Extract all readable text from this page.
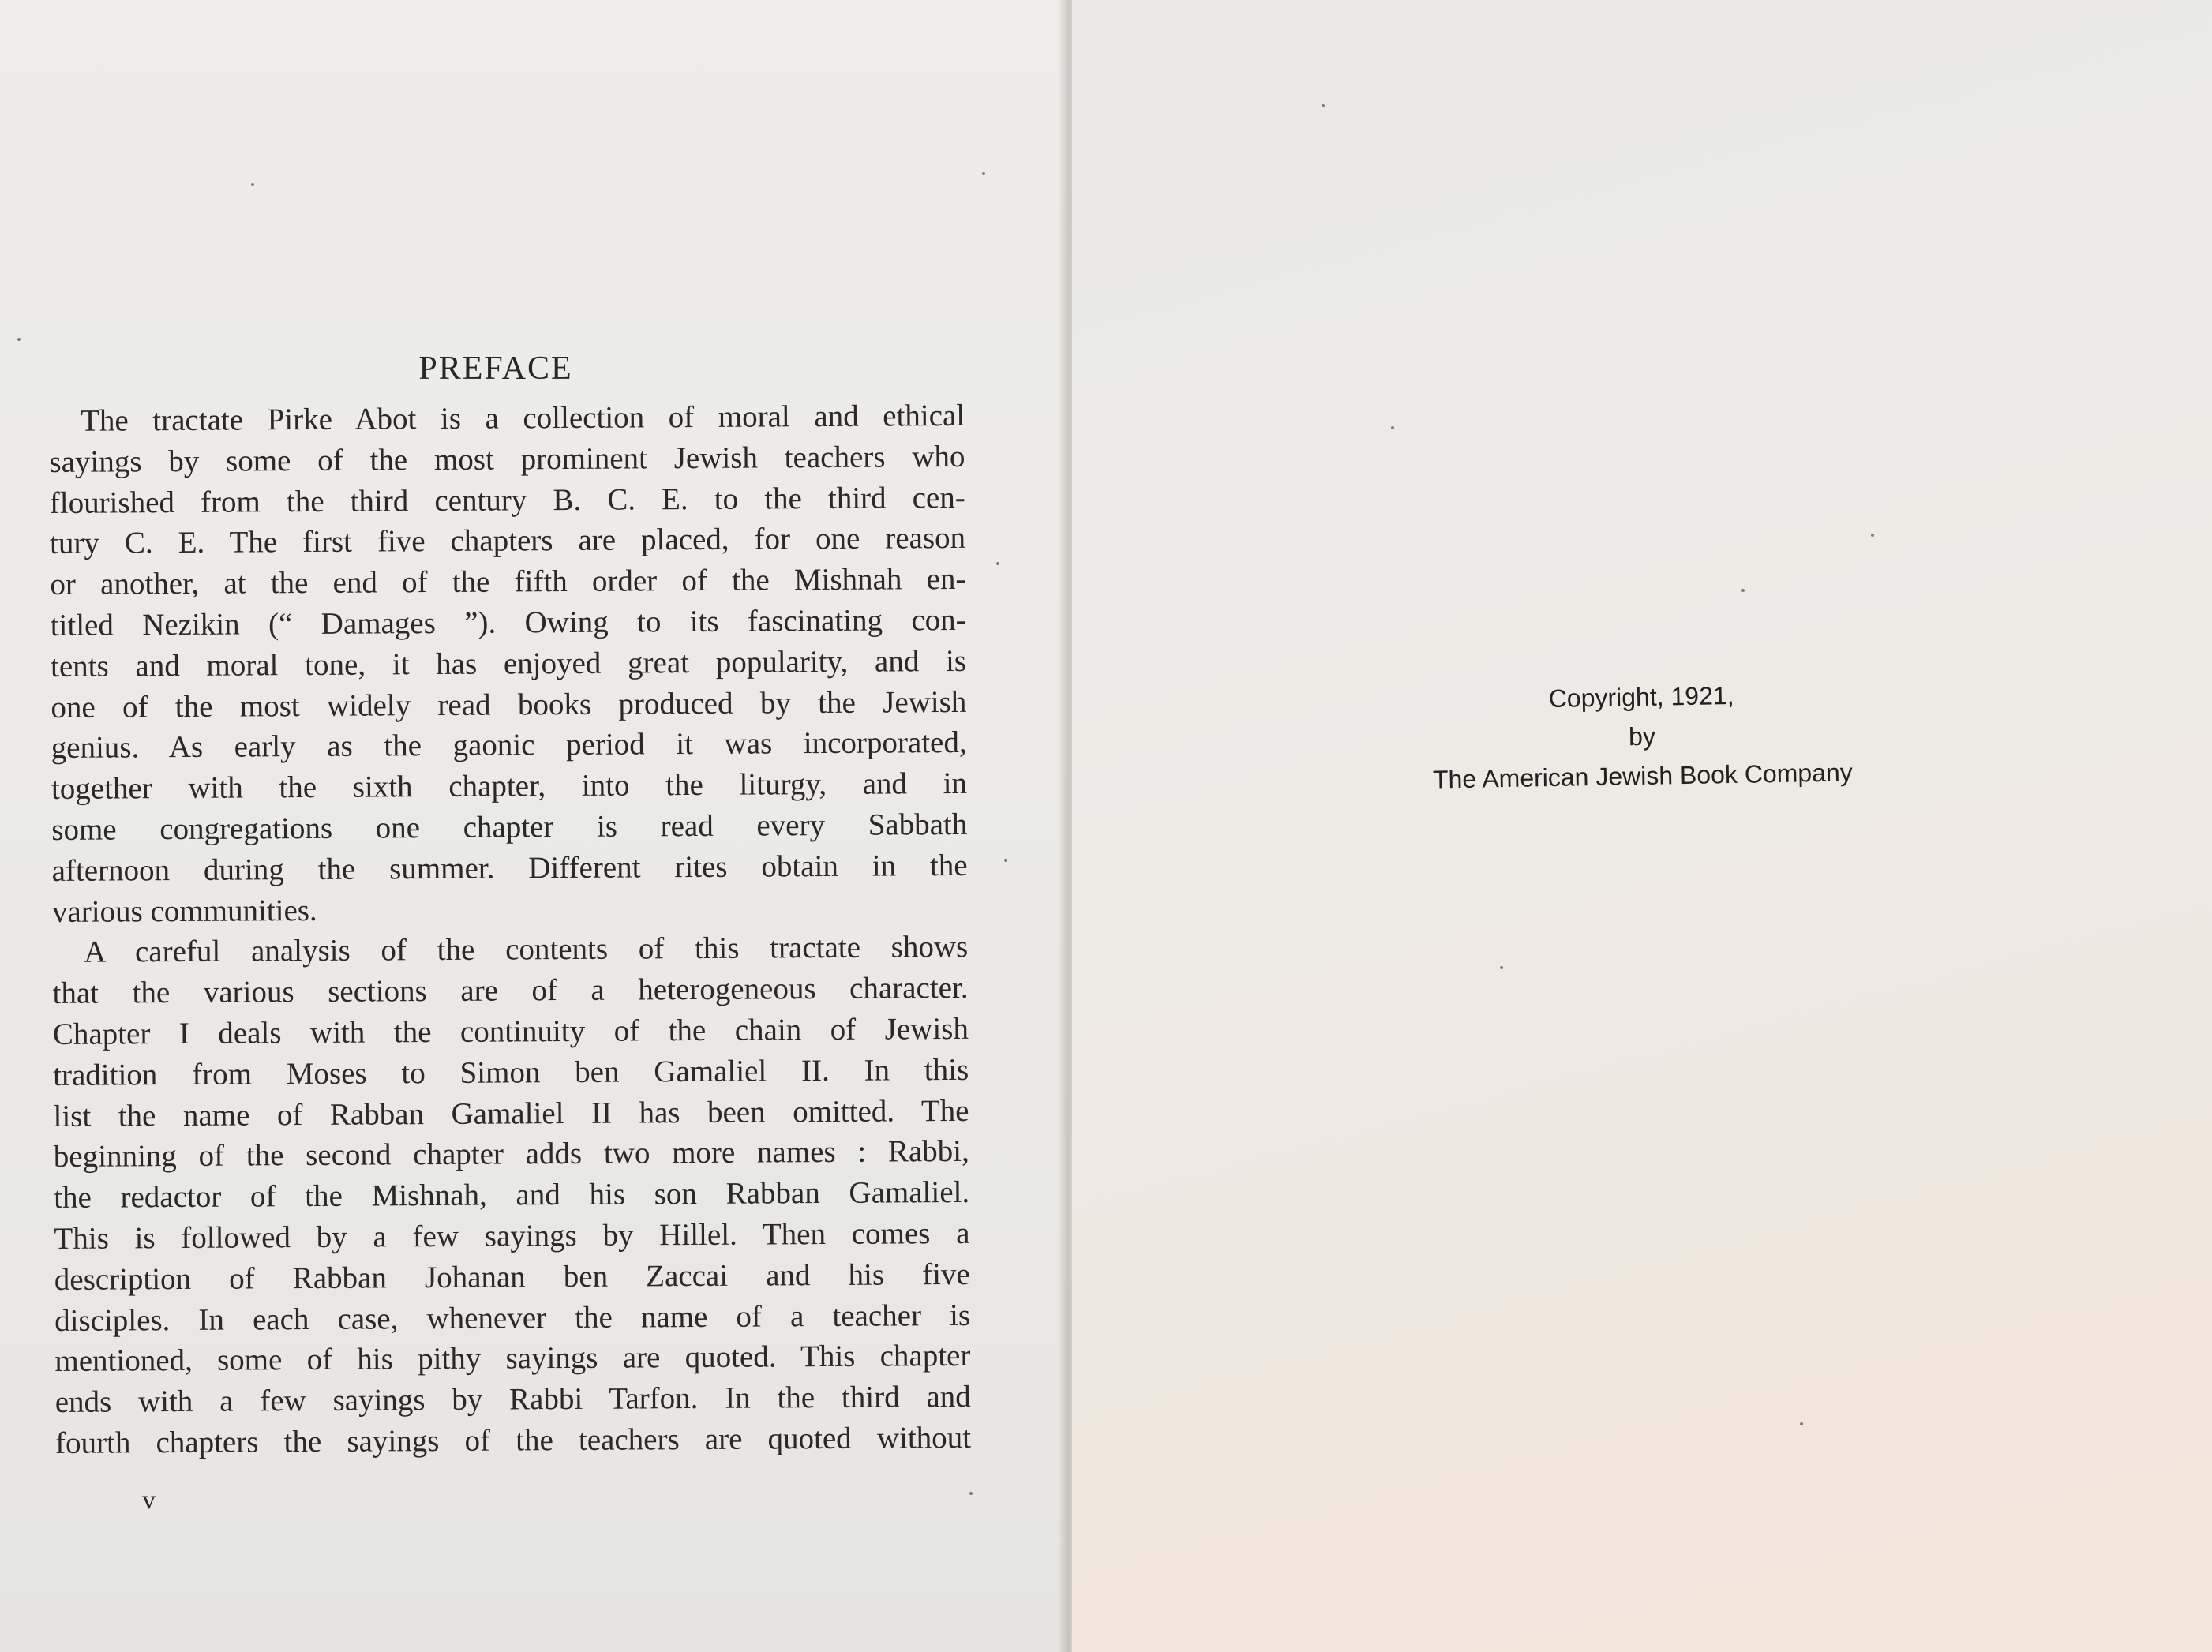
PREFACE

The tractate Pirke Abot is a collection of moral and ethical
sayings by some of the most prominent Jewish teachers who
flourished from the third century B. C. E. to the third cen-
tury C. E. The first five chapters are placed, for one reason
or another, at the end of the fifth order of the Mishnah en-
titled Nezikin (“ Damages ”). Owing to its fascinating con-
tents and moral tone, it has enjoyed great popularity, and is
one of the most widely read books produced by the Jewish
genius. As early as the gaonic period it was incorporated,
together with the sixth chapter, into the liturgy, and in
some congregations one chapter is read every Sabbath
afternoon during the summer. Different rites obtain in the
various communities.

A careful analysis of the contents of this tractate shows
that the various sections are of a heterogeneous character.
Chapter I deals with the continuity of the chain of Jewish
tradition from Moses to Simon ben Gamaliel II. In this
list the name of Rabban Gamaliel II has been omitted. The
beginning of the second chapter adds two more names : Rabbi,
the redactor of the Mishnah, and his son Rabban Gamaliel.
This is followed by a few sayings by Hillel. Then comes a
description of Rabban Johanan ben Zaccai and his five
disciples. In each case, whenever the name of a teacher is
mentioned, some of his pithy sayings are quoted. This chapter
ends with a few sayings by Rabbi Tarfon. In the third and
fourth chapters the sayings of the teachers are quoted without

v
Copyright, 1921,
by
The American Jewish Book Company
